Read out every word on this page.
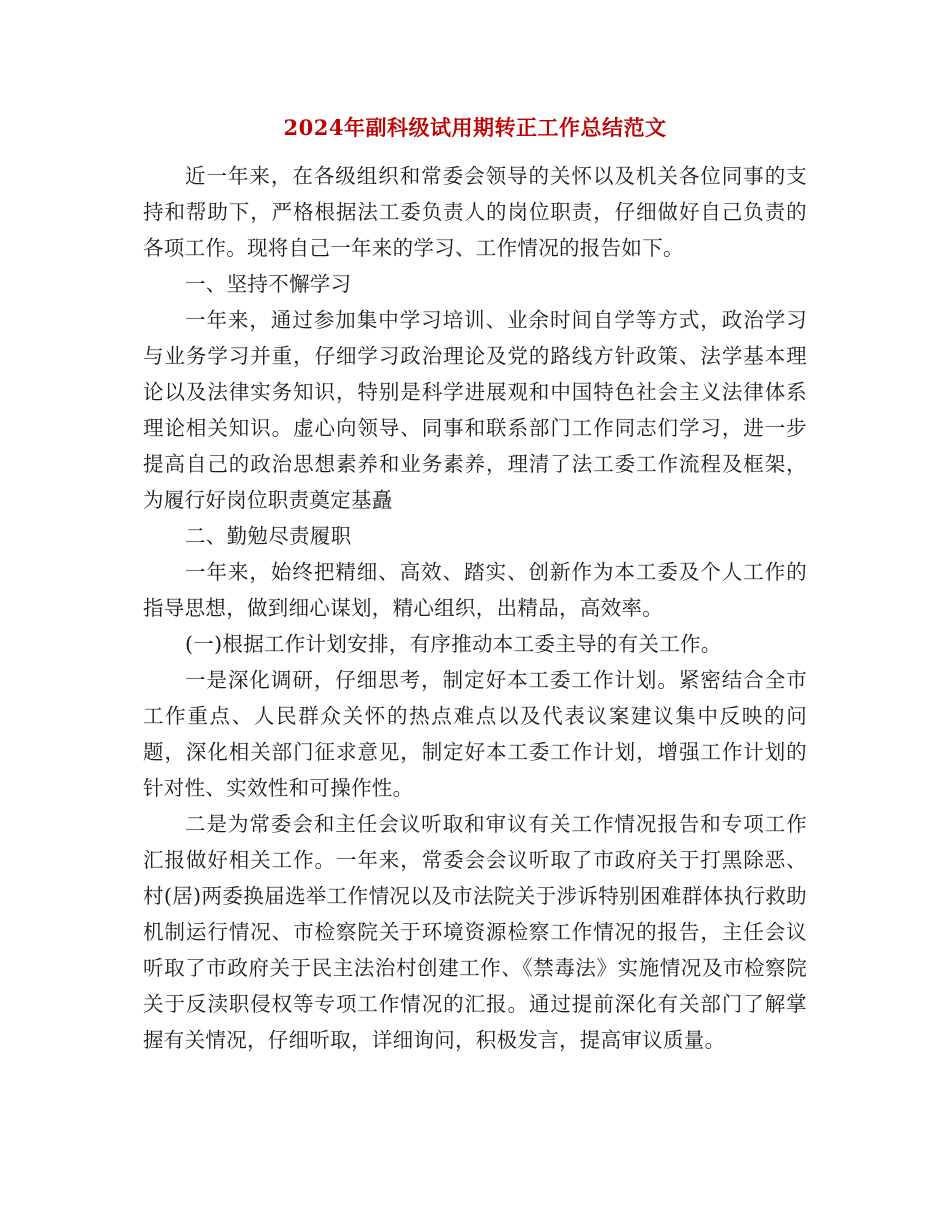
2024年副科级试用期转正工作总结范文

近一年来，在各级组织和常委会领导的关怀以及机关各位同事的支持和帮助下，严格根据法工委负责人的岗位职责，仔细做好自己负责的各项工作。现将自己一年来的学习、工作情况的报告如下。

一、坚持不懈学习

一年来，通过参加集中学习培训、业余时间自学等方式，政治学习与业务学习并重，仔细学习政治理论及党的路线方针政策、法学基本理论以及法律实务知识，特别是科学进展观和中国特色社会主义法律体系理论相关知识。虚心向领导、同事和联系部门工作同志们学习，进一步提高自己的政治思想素养和业务素养，理清了法工委工作流程及框架，为履行好岗位职责奠定基矗

二、勤勉尽责履职

一年来，始终把精细、高效、踏实、创新作为本工委及个人工作的指导思想，做到细心谋划，精心组织，出精品，高效率。

(一)根据工作计划安排，有序推动本工委主导的有关工作。

一是深化调研，仔细思考，制定好本工委工作计划。紧密结合全市工作重点、人民群众关怀的热点难点以及代表议案建议集中反映的问题，深化相关部门征求意见，制定好本工委工作计划，增强工作计划的针对性、实效性和可操作性。

二是为常委会和主任会议听取和审议有关工作情况报告和专项工作汇报做好相关工作。一年来，常委会会议听取了市政府关于打黑除恶、村(居)两委换届选举工作情况以及市法院关于涉诉特别困难群体执行救助机制运行情况、市检察院关于环境资源检察工作情况的报告，主任会议听取了市政府关于民主法治村创建工作、《禁毒法》实施情况及市检察院关于反渎职侵权等专项工作情况的汇报。通过提前深化有关部门了解掌握有关情况，仔细听取，详细询问，积极发言，提高审议质量。
